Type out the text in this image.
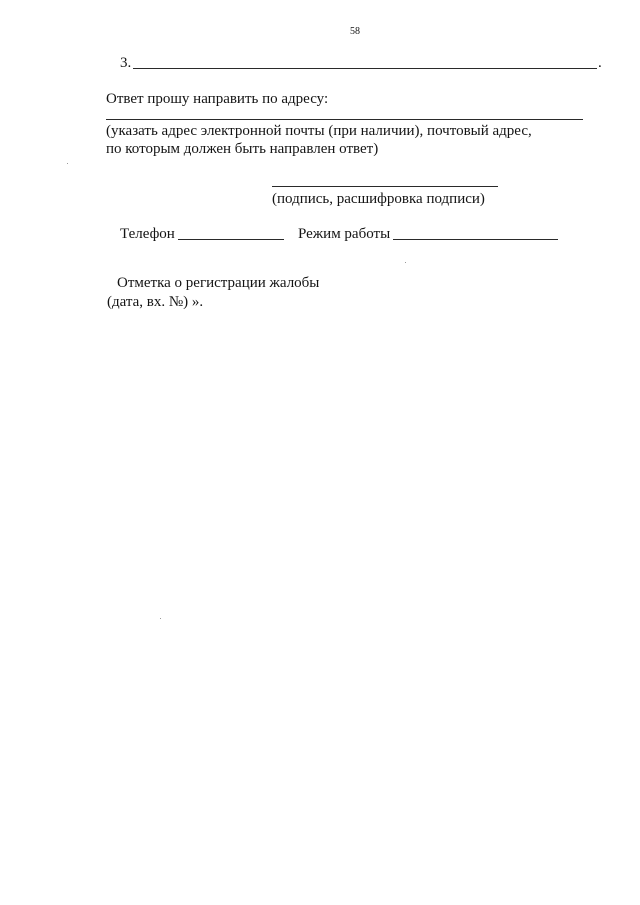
58
3.	.
Ответ прошу направить по адресу:
(указать адрес электронной почты (при наличии), почтовый адрес,
по которым должен быть направлен ответ)
(подпись, расшифровка подписи)
Телефон	Режим работы
Отметка о регистрации жалобы
(дата, вх. №) ».
